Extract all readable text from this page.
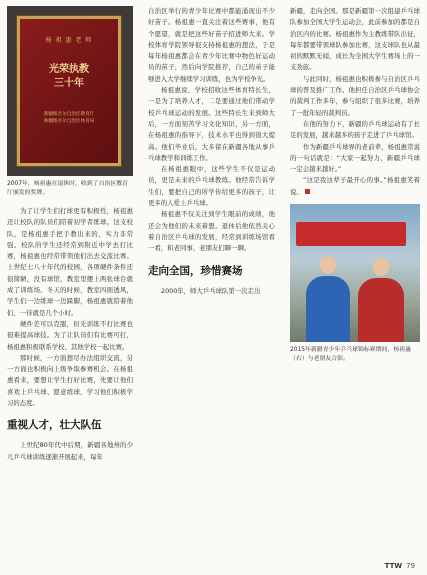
杨 祖 惠 老 师
光荣执教
三十年
新疆维吾尔自治区教育厅
新疆维吾尔自治区体育局
2007年，杨祖惠在退休时，收到了自治区教育厅颁发的奖牌。

为了让学生们打球更有积极性，杨祖惠还让校队的队员们陪着初学者练球。这支校队，是杨祖惠手把手教出来的，实力非常强。校队的学生还经常到附近中学去打比赛，杨祖惠也经常带领他们出去交流比赛。上世纪七八十年代的校园，各项硬件条件还很简陋，没有球馆，教室里摆上两张球台就成了训练场。冬天的时候，教室四面透风，学生们一边练球一边跺脚，杨祖惠就陪着他们，一待就是几个小时。

硬件差可以克服，但光训练不打比赛也很难提高球技。为了让队员们有比赛可打，杨祖惠积极联系学校、其他学校一起比赛。

那时候，一方面想尽办法组织交流，另一方面也积极向上级争取参赛机会。在杨祖惠看来，要想让学生打好比赛，先要让他们喜欢上乒乓球、愿意练球，学习他们积极学习的态度。

重视人才，壮大队伍

上世纪80年代中后期，新疆各地州的少儿乒乓球训练逐渐开展起来，每年

自治区举行的青少年比赛中都能涌现出不少好苗子。杨祖惠一直关注着这些赛事，他有个愿望，就是把这些好苗子招进师大来。学校体育学院领导很支持杨祖惠的想法，于是每年杨祖惠都会在青少年比赛中物色好运动员的苗子，然后向学院推荐，自己的弟子能够进入大学继续学习训练，也为学校争光。

杨祖惠说，学校招收这些体育特长生，一是为了培养人才，二是要通过他们带动学校乒乓球运动的发展。这些特长生来到师大后，一方面刻苦学习文化知识，另一方面，在杨祖惠的指导下，技术水平也得到很大提高。他们毕业后，大多留在新疆各地从事乒乓球教学和训练工作。

在杨祖惠眼中，这些学生不仅是运动员，更是未来的乒乓球教练。他经常告诉学生们，要把自己的所学传给更多的孩子，让更多的人爱上乒乓球。

杨祖惠不仅关注到学生眼前的成绩，他还会为他们的未来着想。退休后他依然关心着自治区乒乓球的发展，经常到训练场馆看一看，和老同事、老朋友们聊一聊。

走向全国，珍惜赛场

2000年，师大乒乓球队第一次走出

新疆，走向全国。那是新疆第一次组建乒乓球队参加全国大学生运动会，此前参加的都是自治区内的比赛。杨祖惠作为主教练带队出征，每年都要带领球队参加比赛，这支球队也从最初的默默无闻，成长为全国大学生赛场上的一支劲旅。

与此同时，杨祖惠也积极参与自治区乒乓球的普及推广工作。他担任自治区乒乓球协会的裁判工作多年，参与组织了很多比赛，培养了一批年轻的裁判员。

在他的努力下，新疆的乒乓球运动有了长足的发展，越来越多的孩子走进了乒乓球馆。

作为新疆乒乓球界的老前辈，杨祖惠常说的一句话就是：“大家一起努力，新疆乒乓球一定会越来越好。”

“这是我这辈子最开心的事。”杨祖惠笑着说。

2015年新疆青少年乒乓球锦标赛期间，杨祖惠（右）与老朋友合影。
TTW 79
